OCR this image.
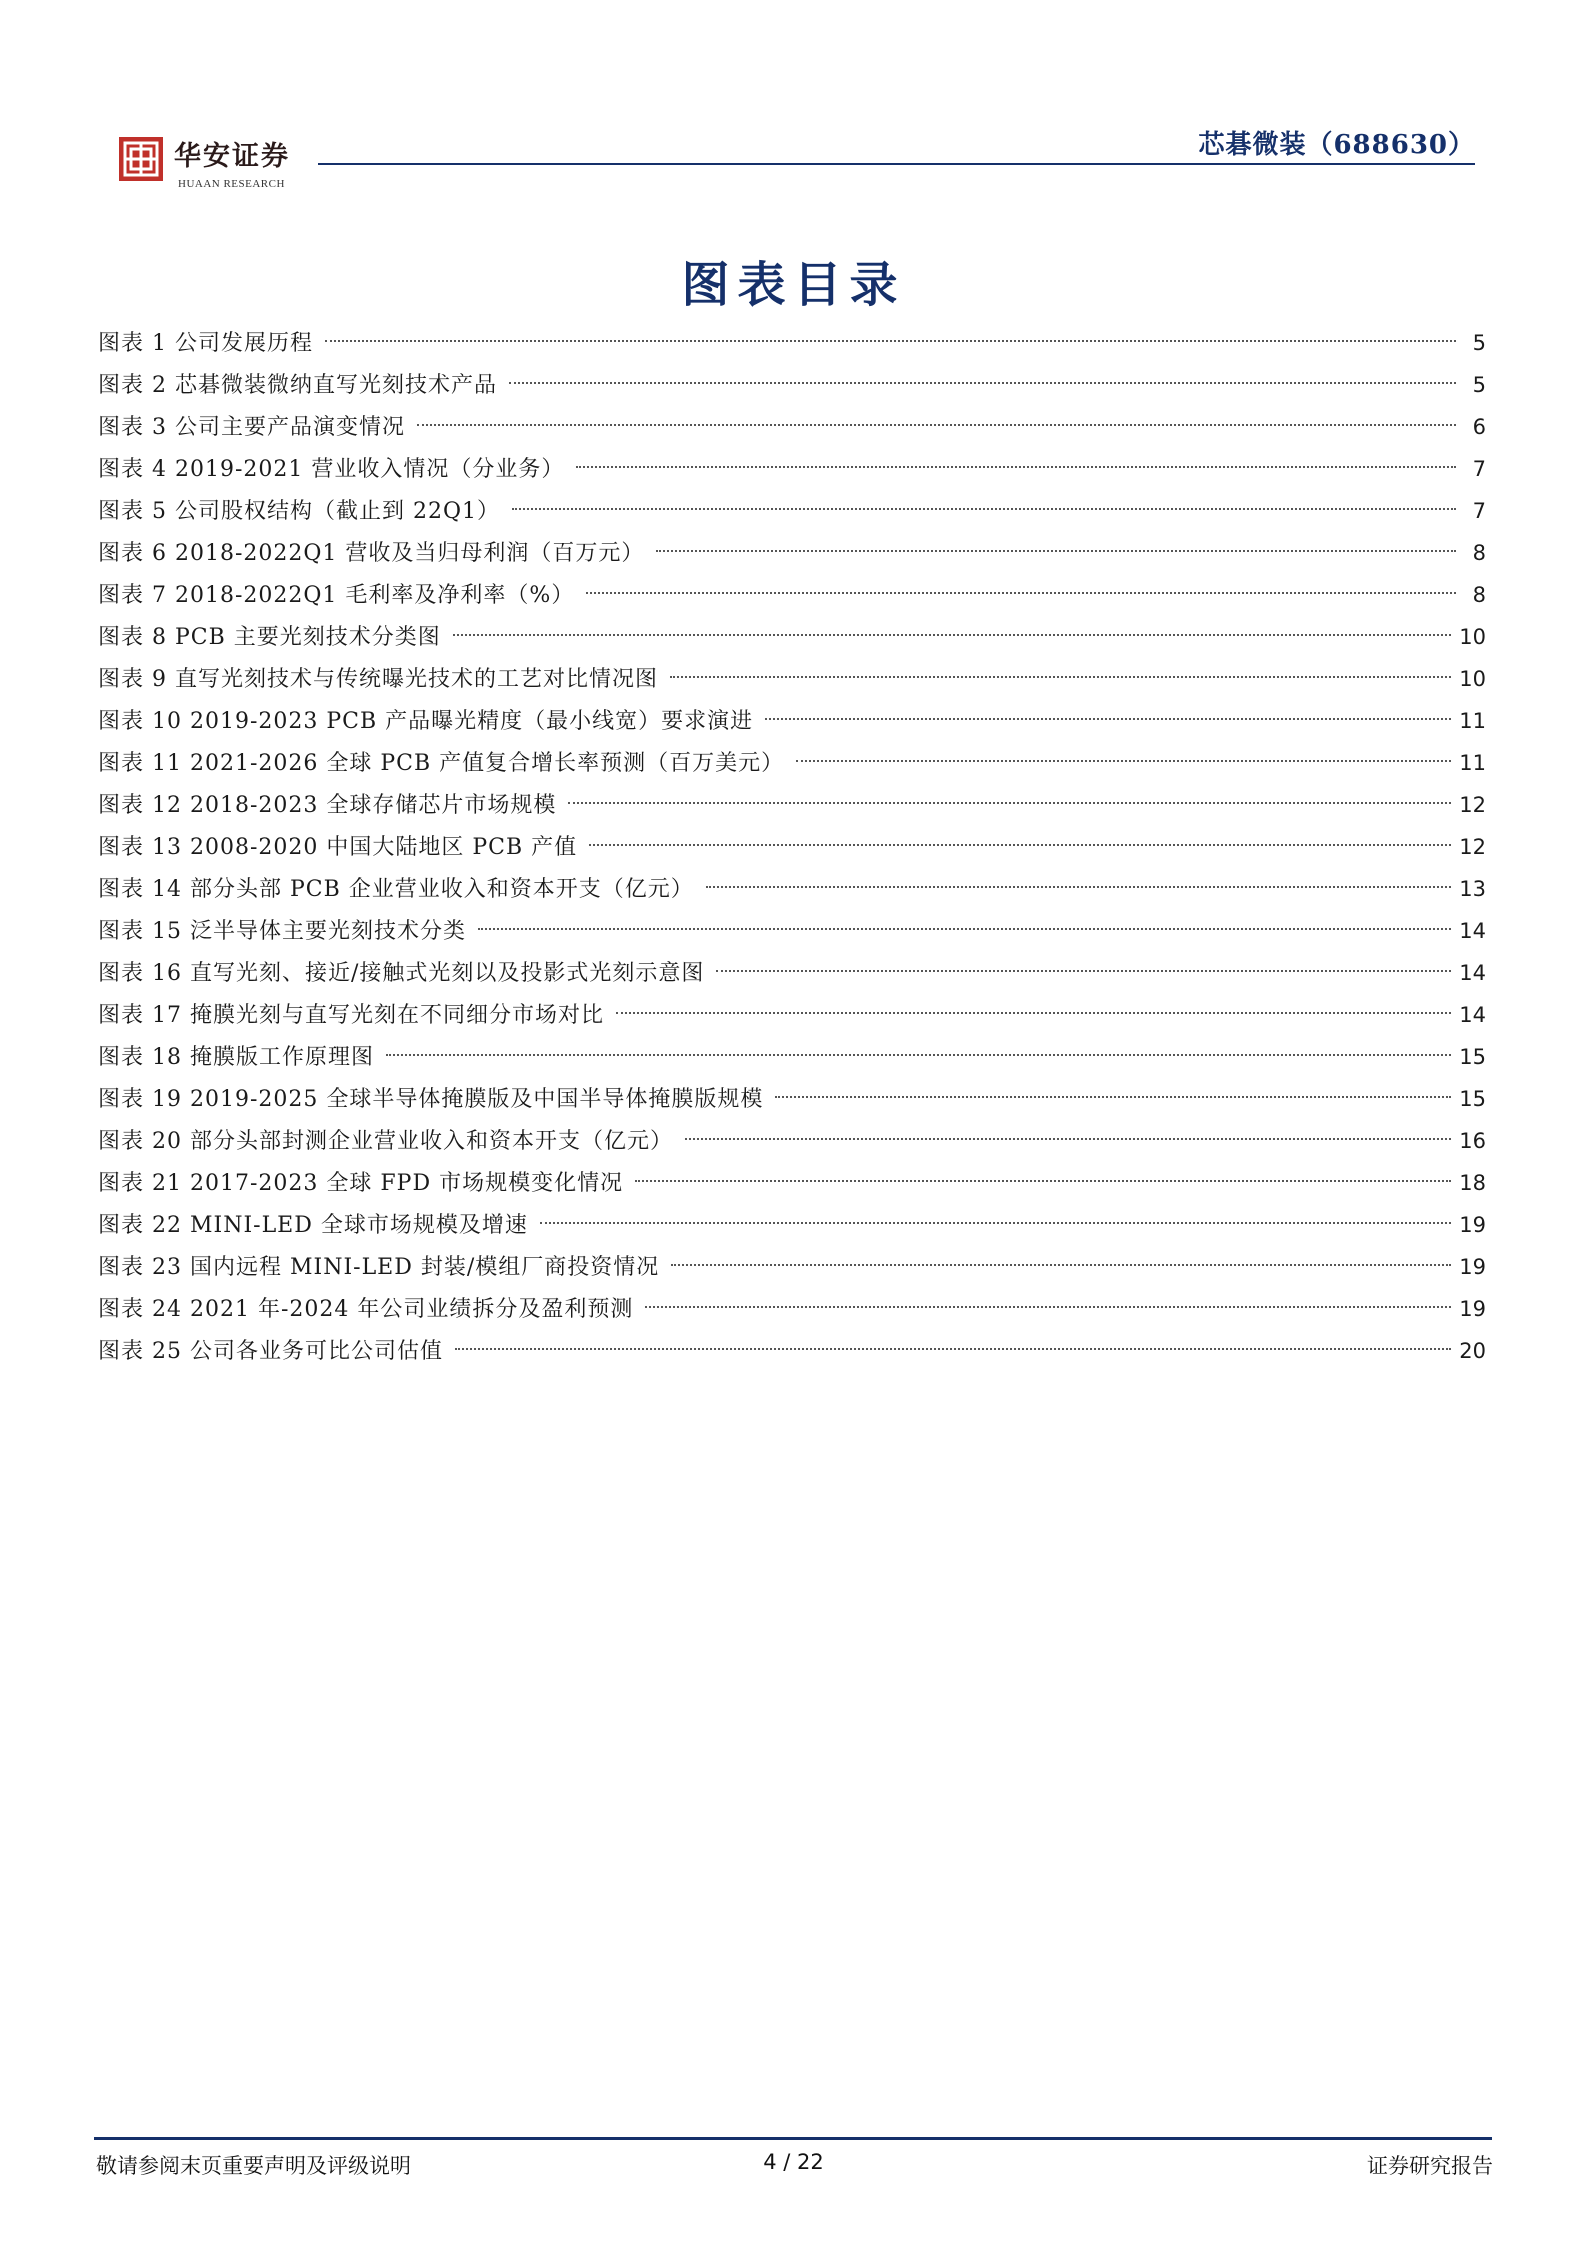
华安证券
HUAAN RESEARCH
芯碁微装（688630）
图表目录
图表 1 公司发展历程	5
图表 2 芯碁微装微纳直写光刻技术产品	5
图表 3 公司主要产品演变情况	6
图表 4 2019-2021 营业收入情况（分业务）	7
图表 5 公司股权结构（截止到 22Q1）	7
图表 6 2018-2022Q1 营收及当归母利润（百万元）	8
图表 7 2018-2022Q1 毛利率及净利率（%）	8
图表 8 PCB 主要光刻技术分类图	10
图表 9 直写光刻技术与传统曝光技术的工艺对比情况图	10
图表 10 2019-2023 PCB 产品曝光精度（最小线宽）要求演进	11
图表 11 2021-2026 全球 PCB 产值复合增长率预测（百万美元）	11
图表 12 2018-2023 全球存储芯片市场规模	12
图表 13 2008-2020 中国大陆地区 PCB 产值	12
图表 14 部分头部 PCB 企业营业收入和资本开支（亿元）	13
图表 15 泛半导体主要光刻技术分类	14
图表 16 直写光刻、接近/接触式光刻以及投影式光刻示意图	14
图表 17 掩膜光刻与直写光刻在不同细分市场对比	14
图表 18 掩膜版工作原理图	15
图表 19 2019-2025 全球半导体掩膜版及中国半导体掩膜版规模	15
图表 20 部分头部封测企业营业收入和资本开支（亿元）	16
图表 21 2017-2023 全球 FPD 市场规模变化情况	18
图表 22 MINI-LED 全球市场规模及增速	19
图表 23 国内远程 MINI-LED 封装/模组厂商投资情况	19
图表 24 2021 年-2024 年公司业绩拆分及盈利预测	19
图表 25 公司各业务可比公司估值	20
敬请参阅末页重要声明及评级说明	4 / 22	证券研究报告
